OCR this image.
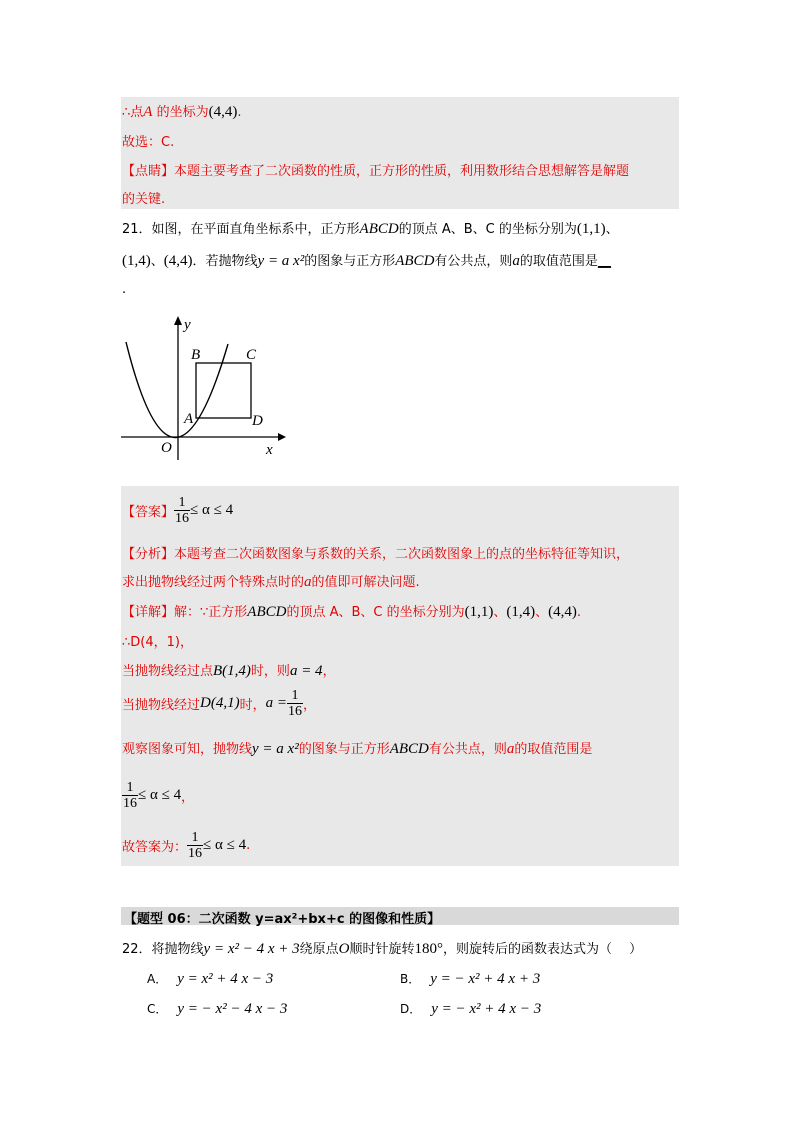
∴点A 的坐标为(4,4).
故选：C.
【点睛】本题主要考查了二次函数的性质，正方形的性质，利用数形结合思想解答是解题
的关键.
21．如图，在平面直角坐标系中，正方形ABCD的顶点 A、B、C 的坐标分别为(1,1)、
(1,4)、(4,4)．若抛物线y = a x²的图象与正方形ABCD有公共点，则a的取值范围是__
.
y
x
O
A
B	C
D
【答案】 $\frac{1}{16} \le \alpha \le 4$
【分析】本题考查二次函数图象与系数的关系，二次函数图象上的点的坐标特征等知识，
求出抛物线经过两个特殊点时的a的值即可解决问题.
【详解】解：∵正方形ABCD的顶点 A、B、C 的坐标分别为(1,1)、(1,4)、(4,4).
∴D(4，1)，
当抛物线经过点B(1,4)时，则a = 4，
当抛物线经过D(4,1)时，$a = \frac{1}{16}$ ，
观察图象可知，抛物线y = a x²的图象与正方形ABCD有公共点，则a的取值范围是
$\frac{1}{16} \le \alpha \le 4$，
故答案为： $\frac{1}{16} \le \alpha \le 4$.
【题型 06：二次函数 y=ax²+bx+c 的图像和性质】
22．将抛物线y = x² − 4 x + 3绕原点O顺时针旋转180°，则旋转后的函数表达式为（　 ）
A． y = x² + 4 x − 3	B． y = − x² + 4 x + 3
C． y = − x² − 4 x − 3	D． y = − x² + 4 x − 3
